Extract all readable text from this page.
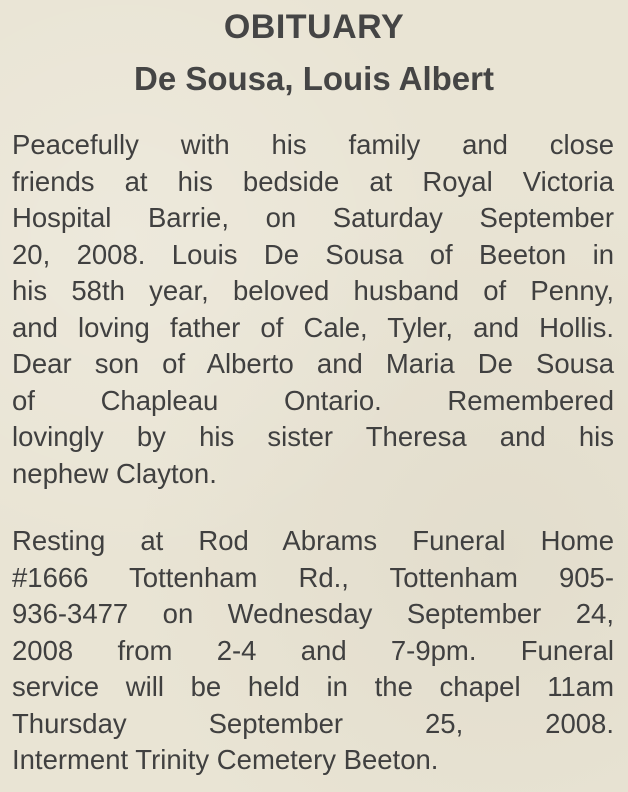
OBITUARY
De Sousa, Louis Albert
Peacefully with his family and close
friends at his bedside at Royal Victoria
Hospital Barrie, on Saturday September
20, 2008. Louis De Sousa of Beeton in
his 58th year, beloved husband of Penny,
and loving father of Cale, Tyler, and Hollis.
Dear son of Alberto and Maria De Sousa
of Chapleau Ontario. Remembered
lovingly by his sister Theresa and his
nephew Clayton.
Resting at Rod Abrams Funeral Home
#1666 Tottenham Rd., Tottenham 905-
936-3477 on Wednesday September 24,
2008 from 2-4 and 7-9pm. Funeral
service will be held in the chapel 11am
Thursday September 25, 2008.
Interment Trinity Cemetery Beeton.
